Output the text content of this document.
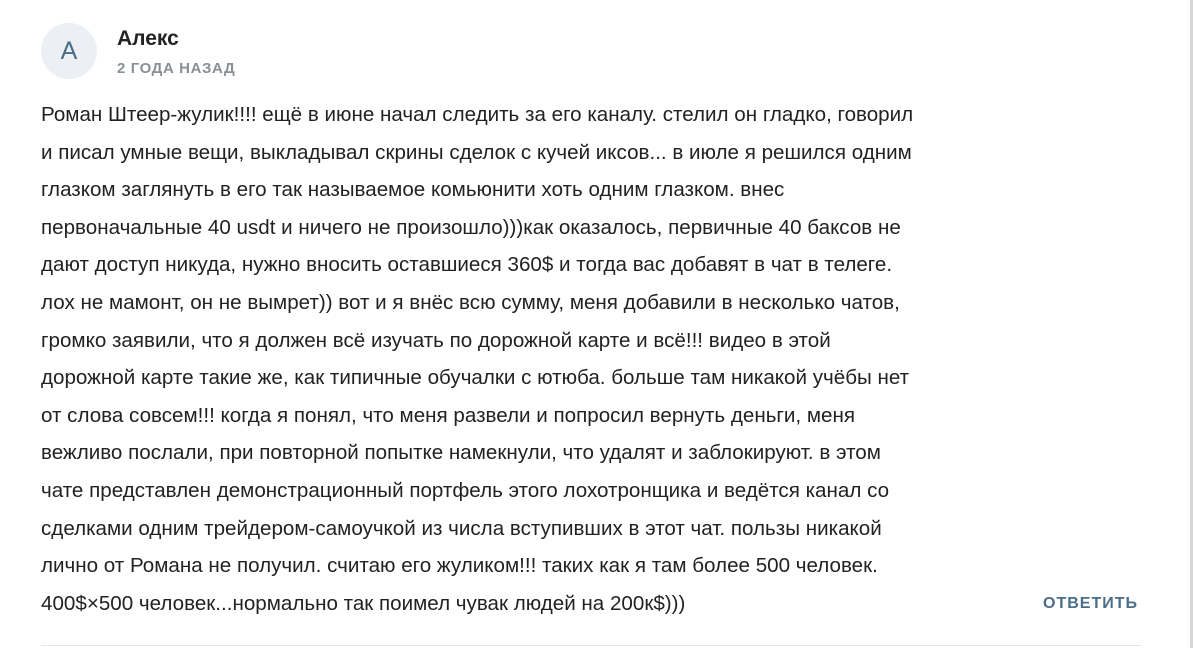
А Алекс
2 ГОДА НАЗАД

Роман Штеер-жулик!!!! ещё в июне начал следить за его каналу. стелил он гладко, говорил
и писал умные вещи, выкладывал скрины сделок с кучей иксов... в июле я решился одним
глазком заглянуть в его так называемое комьюнити хоть одним глазком. внес
первоначальные 40 usdt и ничего не произошло)))как оказалось, первичные 40 баксов не
дают доступ никуда, нужно вносить оставшиеся 360$ и тогда вас добавят в чат в телеге.
лох не мамонт, он не вымрет)) вот и я внёс всю сумму, меня добавили в несколько чатов,
громко заявили, что я должен всё изучать по дорожной карте и всё!!! видео в этой
дорожной карте такие же, как типичные обучалки с ютюба. больше там никакой учёбы нет
от слова совсем!!! когда я понял, что меня развели и попросил вернуть деньги, меня
вежливо послали, при повторной попытке намекнули, что удалят и заблокируют. в этом
чате представлен демонстрационный портфель этого лохотронщика и ведётся канал со
сделками одним трейдером-самоучкой из числа вступивших в этот чат. пользы никакой
лично от Романа не получил. считаю его жуликом!!! таких как я там более 500 человек.
400$×500 человек...нормально так поимел чувак людей на 200к$)))	ОТВЕТИТЬ
